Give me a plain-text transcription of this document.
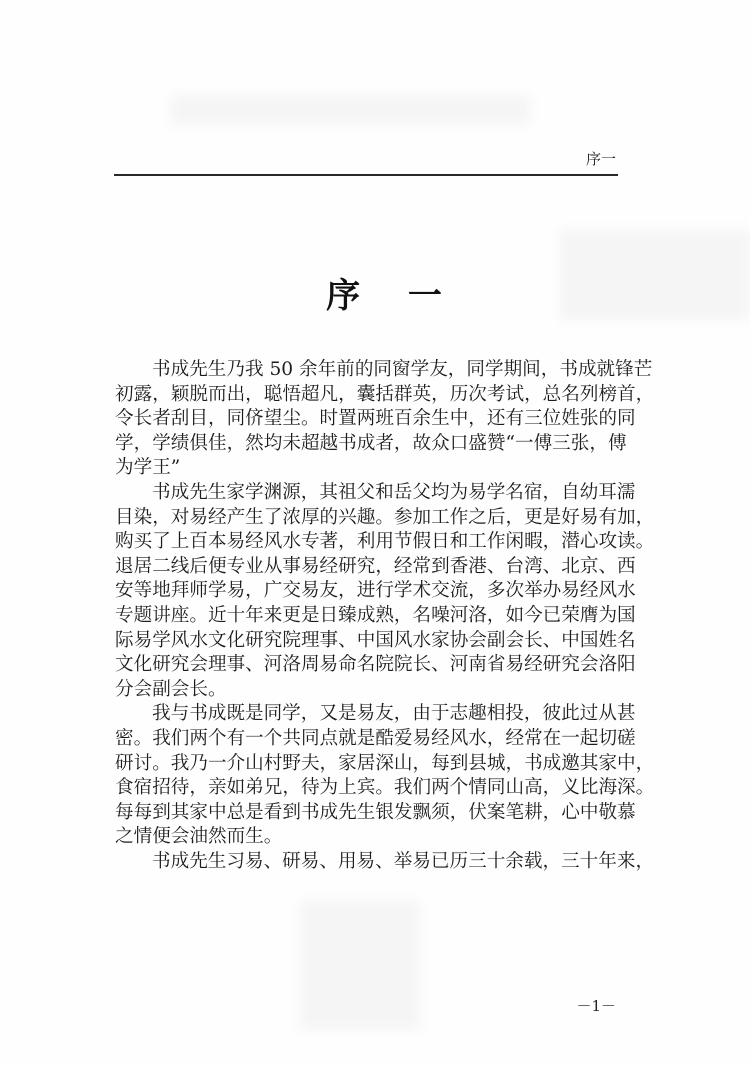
序一
序 一
书成先生乃我 50 余年前的同窗学友，同学期间，书成就锋芒
初露，颖脱而出，聪悟超凡，囊括群英，历次考试，总名列榜首，
令长者刮目，同侪望尘。时置两班百余生中，还有三位姓张的同
学，学绩俱佳，然均未超越书成者，故众口盛赞“一傅三张，傅
为学王”
书成先生家学渊源，其祖父和岳父均为易学名宿，自幼耳濡
目染，对易经产生了浓厚的兴趣。参加工作之后，更是好易有加，
购买了上百本易经风水专著，利用节假日和工作闲暇，潜心攻读。
退居二线后便专业从事易经研究，经常到香港、台湾、北京、西
安等地拜师学易，广交易友，进行学术交流，多次举办易经风水
专题讲座。近十年来更是日臻成熟，名噪河洛，如今已荣膺为国
际易学风水文化研究院理事、中国风水家协会副会长、中国姓名
文化研究会理事、河洛周易命名院院长、河南省易经研究会洛阳
分会副会长。
我与书成既是同学，又是易友，由于志趣相投，彼此过从甚
密。我们两个有一个共同点就是酷爱易经风水，经常在一起切磋
研讨。我乃一介山村野夫，家居深山，每到县城，书成邀其家中，
食宿招待，亲如弟兄，待为上宾。我们两个情同山高，义比海深。
每每到其家中总是看到书成先生银发飘须，伏案笔耕，心中敬慕
之情便会油然而生。
书成先生习易、研易、用易、举易已历三十余载，三十年来，
－1－
